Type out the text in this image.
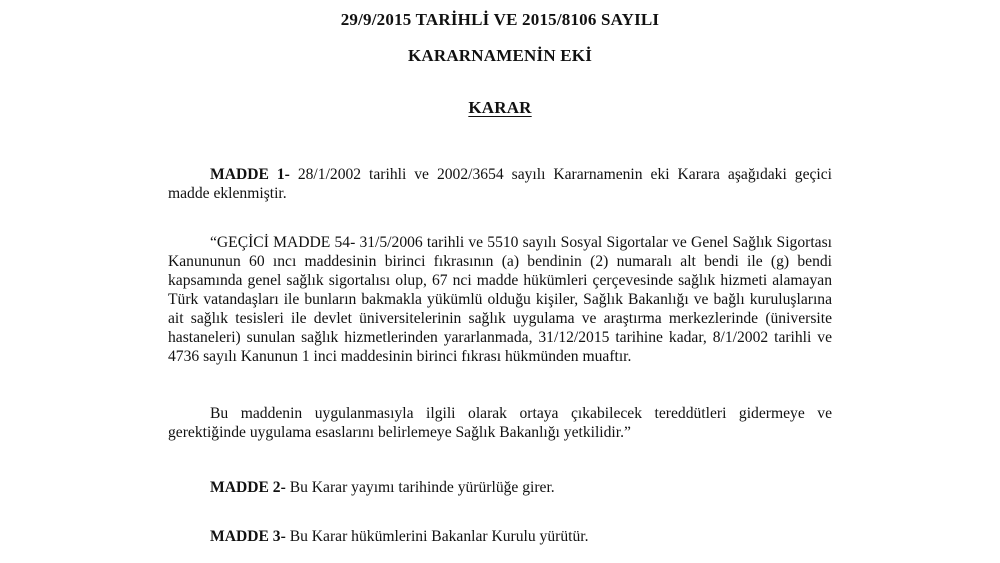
29/9/2015 TARİHLİ VE 2015/8106 SAYILI
KARARNAMENİN EKİ
KARAR

MADDE 1- 28/1/2002 tarihli ve 2002/3654 sayılı Kararnamenin eki Karara aşağıdaki geçici madde eklenmiştir.

“GEÇİCİ MADDE 54- 31/5/2006 tarihli ve 5510 sayılı Sosyal Sigortalar ve Genel Sağlık Sigortası Kanununun 60 ıncı maddesinin birinci fıkrasının (a) bendinin (2) numaralı alt bendi ile (g) bendi kapsamında genel sağlık sigortalısı olup, 67 nci madde hükümleri çerçevesinde sağlık hizmeti alamayan Türk vatandaşları ile bunların bakmakla yükümlü olduğu kişiler, Sağlık Bakanlığı ve bağlı kuruluşlarına ait sağlık tesisleri ile devlet üniversitelerinin sağlık uygulama ve araştırma merkezlerinde (üniversite hastaneleri) sunulan sağlık hizmetlerinden yararlanmada, 31/12/2015 tarihine kadar, 8/1/2002 tarihli ve 4736 sayılı Kanunun 1 inci maddesinin birinci fıkrası hükmünden muaftır.

Bu maddenin uygulanmasıyla ilgili olarak ortaya çıkabilecek tereddütleri gidermeye ve gerektiğinde uygulama esaslarını belirlemeye Sağlık Bakanlığı yetkilidir.”

MADDE 2- Bu Karar yayımı tarihinde yürürlüğe girer.

MADDE 3- Bu Karar hükümlerini Bakanlar Kurulu yürütür.
